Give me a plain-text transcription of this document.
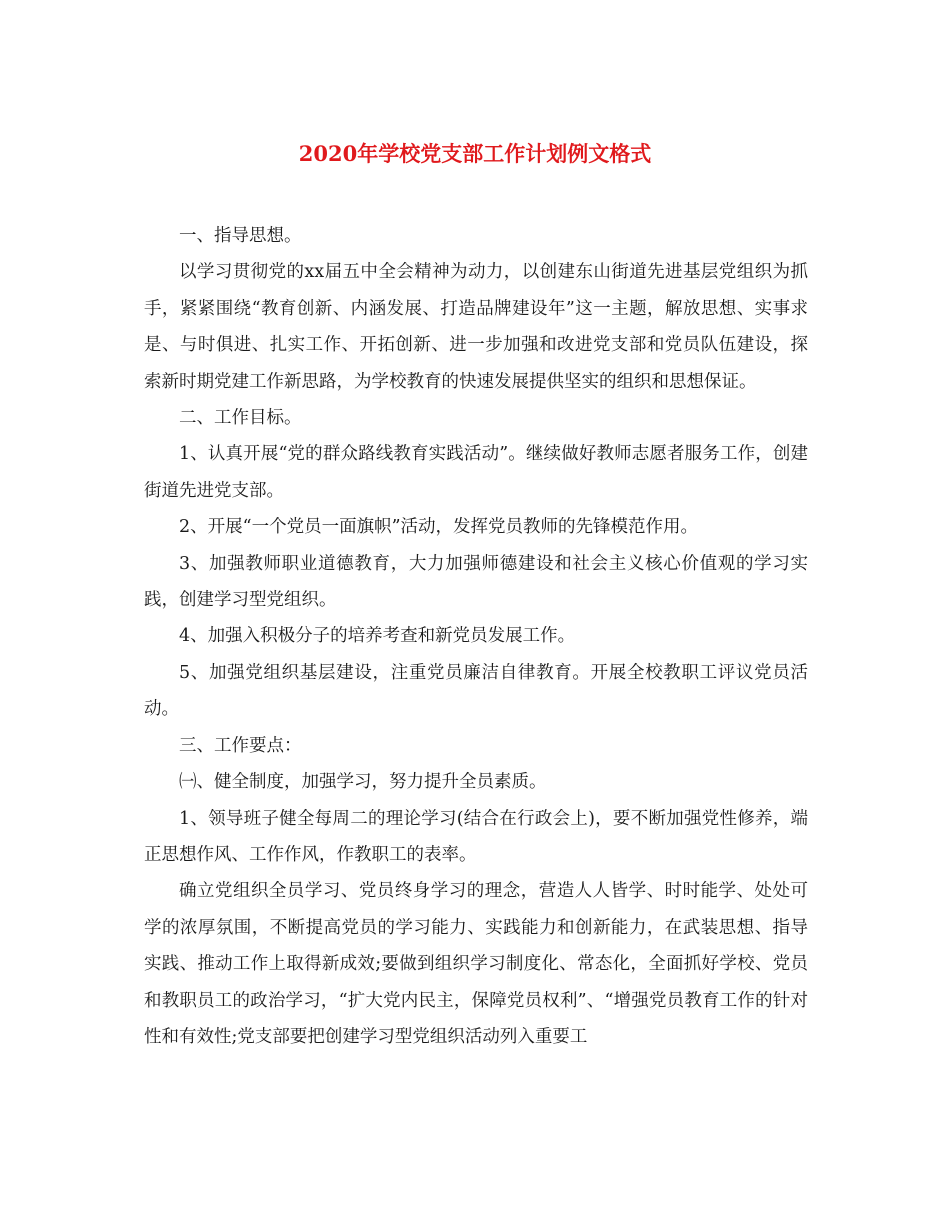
2020年学校党支部工作计划例文格式

一、指导思想。

以学习贯彻党的xx届五中全会精神为动力，以创建东山街道先进基层党组织为抓手，紧紧围绕“教育创新、内涵发展、打造品牌建设年”这一主题，解放思想、实事求是、与时俱进、扎实工作、开拓创新、进一步加强和改进党支部和党员队伍建设，探索新时期党建工作新思路，为学校教育的快速发展提供坚实的组织和思想保证。

二、工作目标。

1、认真开展“党的群众路线教育实践活动”。继续做好教师志愿者服务工作，创建街道先进党支部。

2、开展“一个党员一面旗帜”活动，发挥党员教师的先锋模范作用。

3、加强教师职业道德教育，大力加强师德建设和社会主义核心价值观的学习实践，创建学习型党组织。

4、加强入积极分子的培养考查和新党员发展工作。

5、加强党组织基层建设，注重党员廉洁自律教育。开展全校教职工评议党员活动。

三、工作要点：

㈠、健全制度，加强学习，努力提升全员素质。

1、领导班子健全每周二的理论学习(结合在行政会上)，要不断加强党性修养，端正思想作风、工作作风，作教职工的表率。

确立党组织全员学习、党员终身学习的理念，营造人人皆学、时时能学、处处可学的浓厚氛围，不断提高党员的学习能力、实践能力和创新能力，在武装思想、指导实践、推动工作上取得新成效;要做到组织学习制度化、常态化，全面抓好学校、党员和教职员工的政治学习，“扩大党内民主，保障党员权利”、“增强党员教育工作的针对性和有效性;党支部要把创建学习型党组织活动列入重要工
